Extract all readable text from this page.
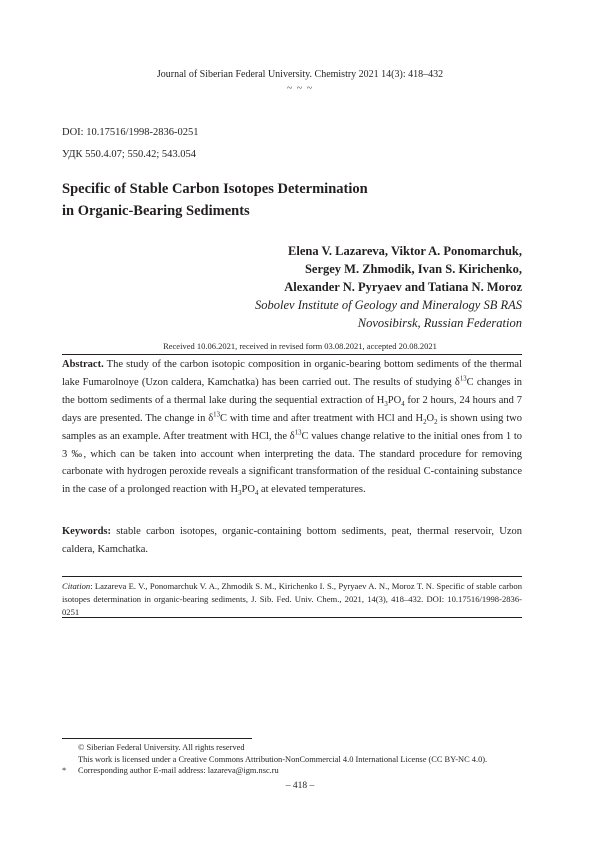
Journal of Siberian Federal University. Chemistry 2021 14(3): 418–432
~ ~ ~
DOI: 10.17516/1998-2836-0251
УДК 550.4.07; 550.42; 543.054
Specific of Stable Carbon Isotopes Determination
in Organic-Bearing Sediments
Elena V. Lazareva, Viktor A. Ponomarchuk,
Sergey M. Zhmodik, Ivan S. Kirichenko,
Alexander N. Pyryaev and Tatiana N. Moroz
Sobolev Institute of Geology and Mineralogy SB RAS
Novosibirsk, Russian Federation
Received 10.06.2021, received in revised form 03.08.2021, accepted 20.08.2021
Abstract. The study of the carbon isotopic composition in organic-bearing bottom sediments of the thermal lake Fumarolnoye (Uzon caldera, Kamchatka) has been carried out. The results of studying $\delta^{13}C$ changes in the bottom sediments of a thermal lake during the sequential extraction of $H_3PO_4$ for 2 hours, 24 hours and 7 days are presented. The change in $\delta^{13}C$ with time and after treatment with HCl and $H_2O_2$ is shown using two samples as an example. After treatment with HCl, the $\delta^{13}C$ values change relative to the initial ones from 1 to 3 ‰, which can be taken into account when interpreting the data. The standard procedure for removing carbonate with hydrogen peroxide reveals a significant transformation of the residual C-containing substance in the case of a prolonged reaction with $H_3PO_4$ at elevated temperatures.
Keywords: stable carbon isotopes, organic-containing bottom sediments, peat, thermal reservoir, Uzon caldera, Kamchatka.
Citation: Lazareva E. V., Ponomarchuk V. A., Zhmodik S. M., Kirichenko I. S., Pyryaev A. N., Moroz T. N. Specific of stable carbon isotopes determination in organic-bearing sediments, J. Sib. Fed. Univ. Chem., 2021, 14(3), 418–432. DOI: 10.17516/1998-2836-0251
© Siberian Federal University. All rights reserved
This work is licensed under a Creative Commons Attribution-NonCommercial 4.0 International License (CC BY-NC 4.0).
* Corresponding author E-mail address: lazareva@igm.nsc.ru
– 418 –
